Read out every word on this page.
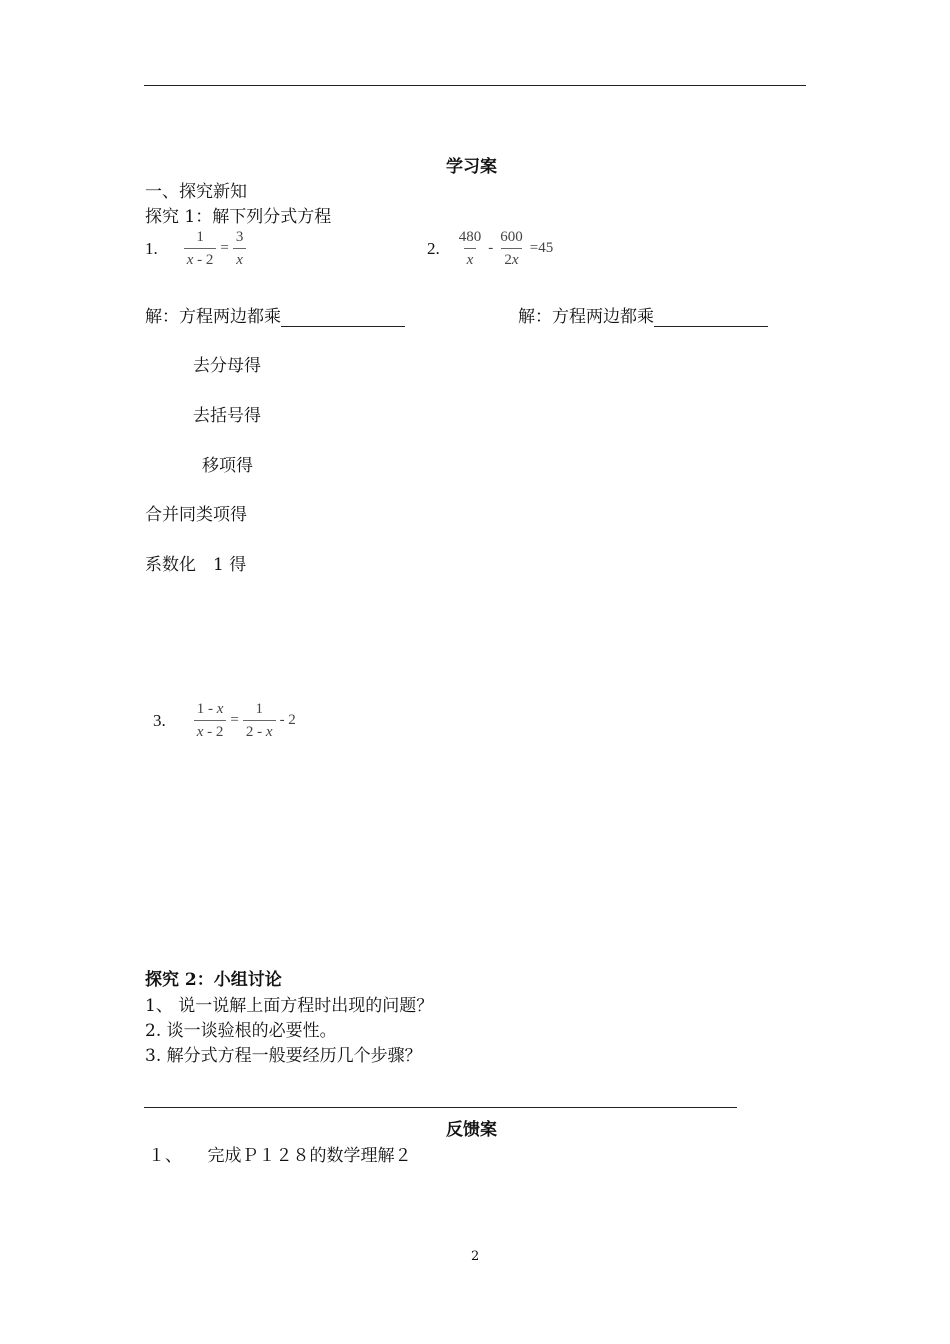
学习案
一、探究新知
探究 1：解下列分式方程
1. $\frac{1}{x - 2} = \frac{3}{x}$	2. $\frac{480}{x} - \frac{600}{2x} =45$
解：方程两边都乘	解：方程两边都乘
去分母得
去括号得
移项得
合并同类项得
系数化　1 得
3. $\frac{1 - x}{x - 2} = \frac{1}{2 - x} - 2$
探究 2：小组讨论
1、 说一说解上面方程时出现的问题？
2. 谈一谈验根的必要性。
3. 解分式方程一般要经历几个步骤？
反馈案
１、　　完成Ｐ１２８的数学理解２
2
